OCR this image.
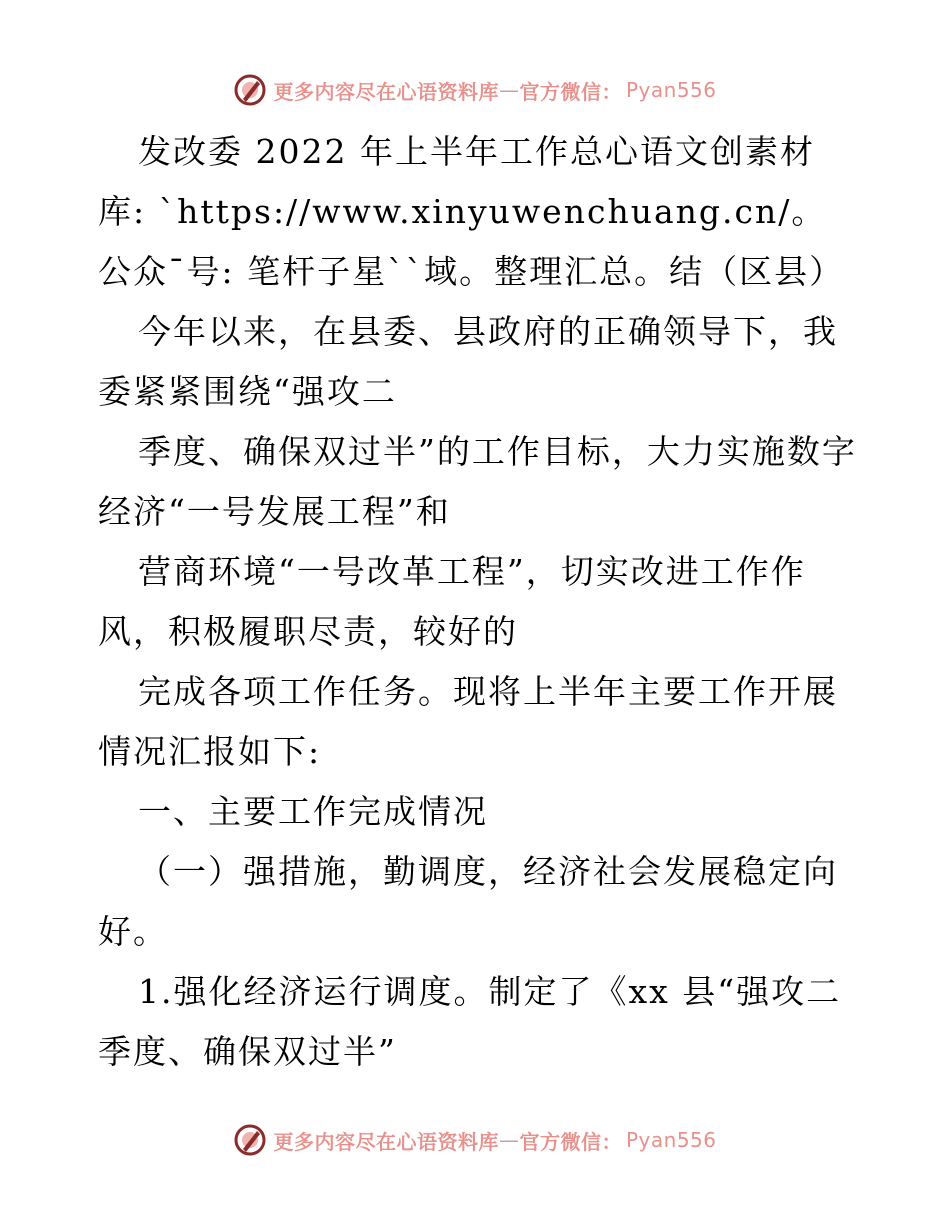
更多内容尽在心语资料库 — 官方微信： Pyan556

发改委 2022 年上半年工作总心语文创素材库: `https://www.xinyuwenchuang.cn/。公众¯号: 笔杆子星``域。整理汇总。结（区县）

今年以来，在县委、县政府的正确领导下，我委紧紧围绕“强攻二

季度、确保双过半”的工作目标，大力实施数字经济“一号发展工程”和

营商环境“一号改革工程”，切实改进工作作风，积极履职尽责，较好的

完成各项工作任务。现将上半年主要工作开展情况汇报如下:

一、主要工作完成情况

（一）强措施，勤调度，经济社会发展稳定向好。

1.强化经济运行调度。制定了《xx 县“强攻二季度、确保双过半”

更多内容尽在心语资料库 — 官方微信： Pyan556
